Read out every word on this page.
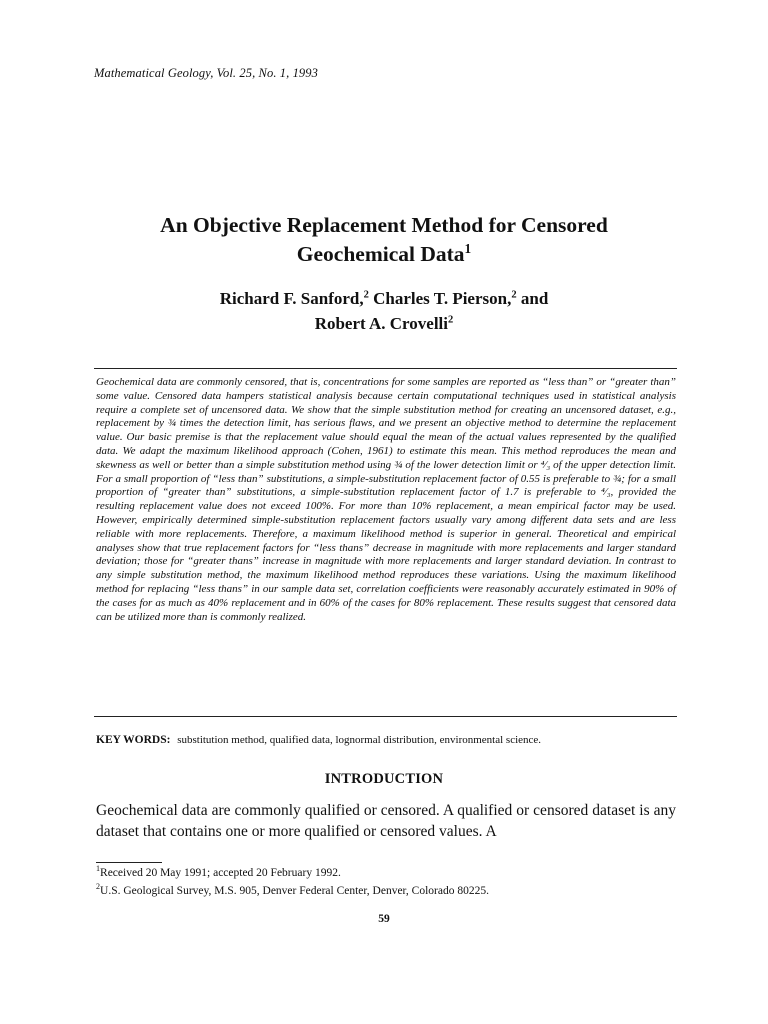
Mathematical Geology, Vol. 25, No. 1, 1993
An Objective Replacement Method for Censored
Geochemical Data$^1$
Richard F. Sanford,$^2$ Charles T. Pierson,$^2$ and
Robert A. Crovelli$^2$

Geochemical data are commonly censored, that is, concentrations for some samples are reported as “less than” or “greater than” some value. Censored data hampers statistical analysis because certain computational techniques used in statistical analysis require a complete set of uncensored data. We show that the simple substitution method for creating an uncensored dataset, e.g., replacement by ¾ times the detection limit, has serious flaws, and we present an objective method to determine the replacement value. Our basic premise is that the replacement value should equal the mean of the actual values represented by the qualified data. We adapt the maximum likelihood approach (Cohen, 1961) to estimate this mean. This method reproduces the mean and skewness as well or better than a simple substitution method using ¾ of the lower detection limit or ⁴⁄₃ of the upper detection limit. For a small proportion of “less than” substitutions, a simple-substitution replacement factor of 0.55 is preferable to ¾; for a small proportion of “greater than” substitutions, a simple-substitution replacement factor of 1.7 is preferable to ⁴⁄₃, provided the resulting replacement value does not exceed 100%. For more than 10% replacement, a mean empirical factor may be used. However, empirically determined simple-substitution replacement factors usually vary among different data sets and are less reliable with more replacements. Therefore, a maximum likelihood method is superior in general. Theoretical and empirical analyses show that true replacement factors for “less thans” decrease in magnitude with more replacements and larger standard deviation; those for “greater thans” increase in magnitude with more replacements and larger standard deviation. In contrast to any simple substitution method, the maximum likelihood method reproduces these variations. Using the maximum likelihood method for replacing “less thans” in our sample data set, correlation coefficients were reasonably accurately estimated in 90% of the cases for as much as 40% replacement and in 60% of the cases for 80% replacement. These results suggest that censored data can be utilized more than is commonly realized.

KEY WORDS: substitution method, qualified data, lognormal distribution, environmental science.
INTRODUCTION

Geochemical data are commonly qualified or censored. A qualified or censored dataset is any dataset that contains one or more qualified or censored values. A

$^1$Received 20 May 1991; accepted 20 February 1992.
$^2$U.S. Geological Survey, M.S. 905, Denver Federal Center, Denver, Colorado 80225.
59
